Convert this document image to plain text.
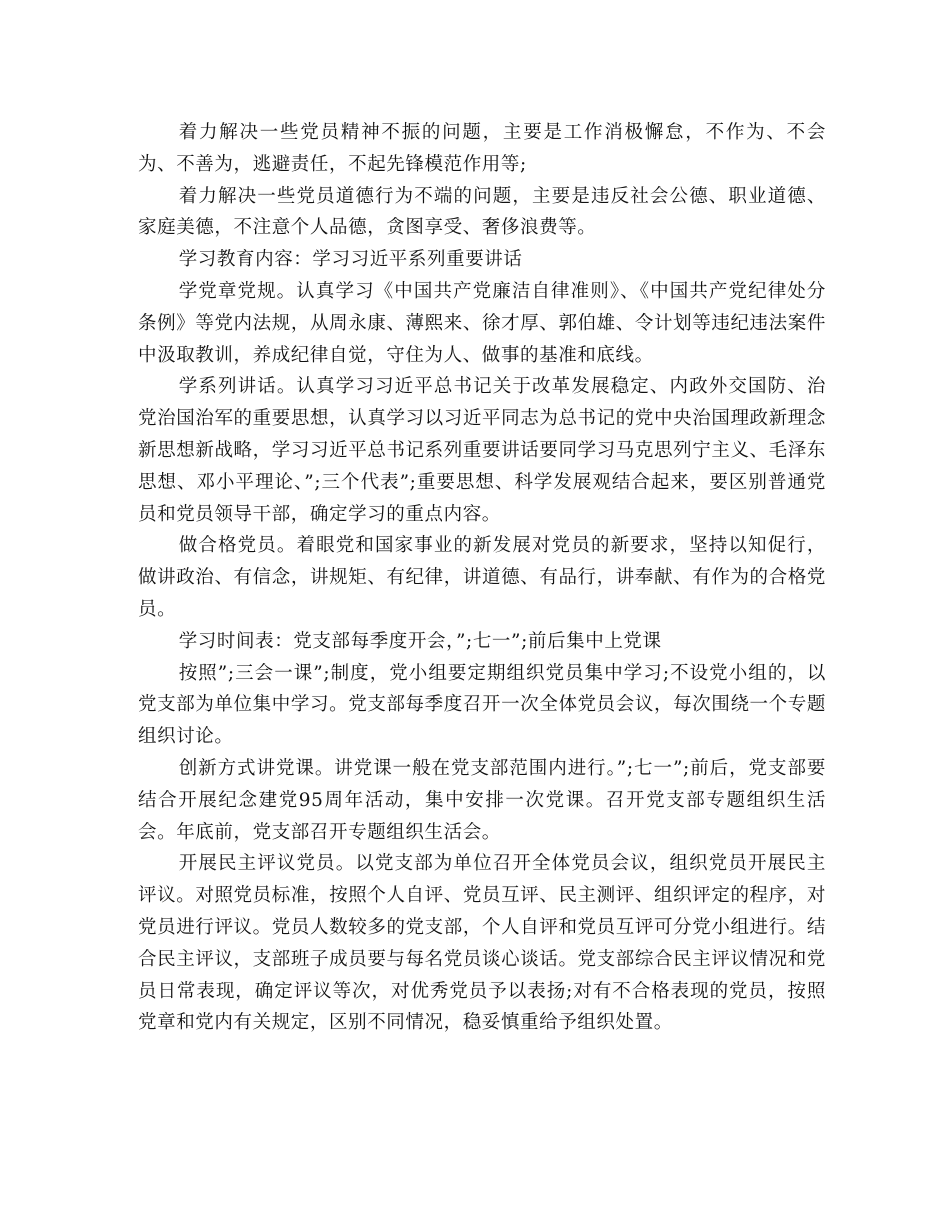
着力解决一些党员精神不振的问题，主要是工作消极懈怠，不作为、不会为、不善为，逃避责任，不起先锋模范作用等;

着力解决一些党员道德行为不端的问题，主要是违反社会公德、职业道德、家庭美德，不注意个人品德，贪图享受、奢侈浪费等。

学习教育内容：学习习近平系列重要讲话

学党章党规。认真学习《中国共产党廉洁自律准则》、《中国共产党纪律处分条例》等党内法规，从周永康、薄熙来、徐才厚、郭伯雄、令计划等违纪违法案件中汲取教训，养成纪律自觉，守住为人、做事的基准和底线。

学系列讲话。认真学习习近平总书记关于改革发展稳定、内政外交国防、治党治国治军的重要思想，认真学习以习近平同志为总书记的党中央治国理政新理念新思想新战略，学习习近平总书记系列重要讲话要同学习马克思列宁主义、毛泽东思想、邓小平理论、”;三个代表”;重要思想、科学发展观结合起来，要区别普通党员和党员领导干部，确定学习的重点内容。

做合格党员。着眼党和国家事业的新发展对党员的新要求，坚持以知促行，做讲政治、有信念，讲规矩、有纪律，讲道德、有品行，讲奉献、有作为的合格党员。

学习时间表：党支部每季度开会，”;七一”;前后集中上党课

按照”;三会一课”;制度，党小组要定期组织党员集中学习;不设党小组的，以党支部为单位集中学习。党支部每季度召开一次全体党员会议，每次围绕一个专题组织讨论。

创新方式讲党课。讲党课一般在党支部范围内进行。”;七一”;前后，党支部要结合开展纪念建党95周年活动，集中安排一次党课。召开党支部专题组织生活会。年底前，党支部召开专题组织生活会。

开展民主评议党员。以党支部为单位召开全体党员会议，组织党员开展民主评议。对照党员标准，按照个人自评、党员互评、民主测评、组织评定的程序，对党员进行评议。党员人数较多的党支部，个人自评和党员互评可分党小组进行。结合民主评议，支部班子成员要与每名党员谈心谈话。党支部综合民主评议情况和党员日常表现，确定评议等次，对优秀党员予以表扬;对有不合格表现的党员，按照党章和党内有关规定，区别不同情况，稳妥慎重给予组织处置。
